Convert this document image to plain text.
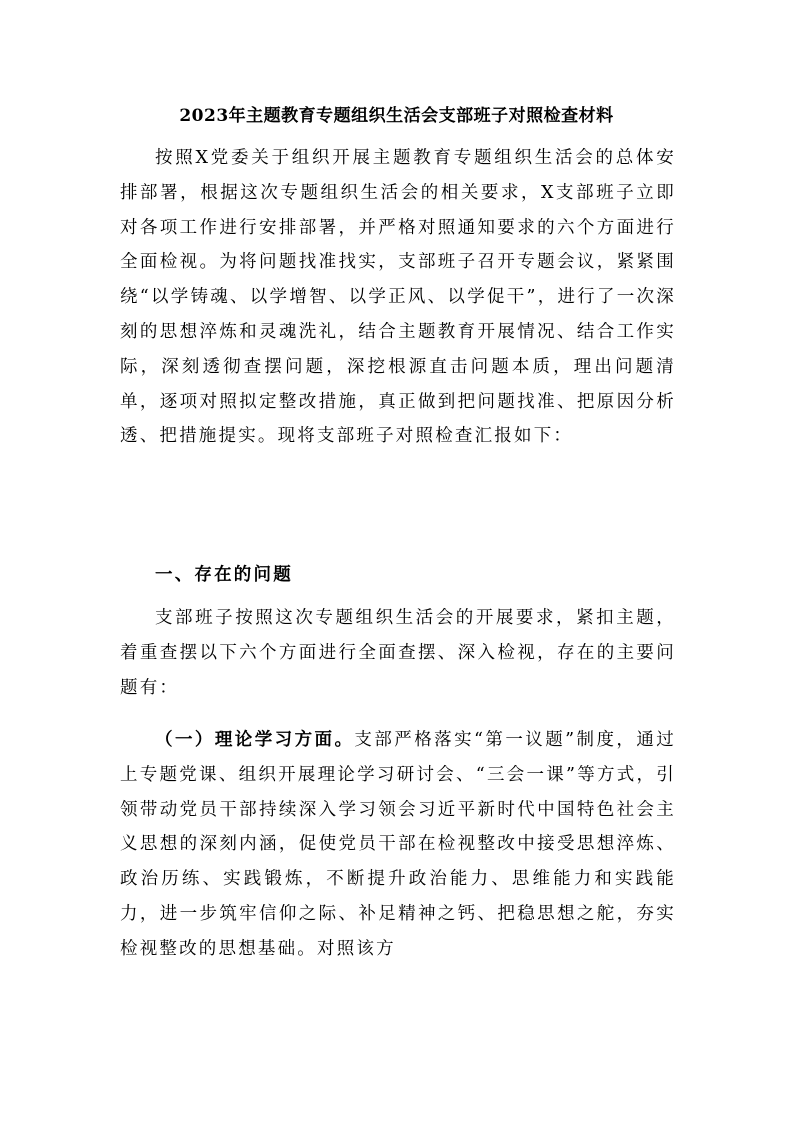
2023年主题教育专题组织生活会支部班子对照检查材料

按照X党委关于组织开展主题教育专题组织生活会的总体安排部署，根据这次专题组织生活会的相关要求，X支部班子立即对各项工作进行安排部署，并严格对照通知要求的六个方面进行全面检视。为将问题找准找实，支部班子召开专题会议，紧紧围绕“以学铸魂、以学增智、以学正风、以学促干”，进行了一次深刻的思想淬炼和灵魂洗礼，结合主题教育开展情况、结合工作实际，深刻透彻查摆问题，深挖根源直击问题本质，理出问题清单，逐项对照拟定整改措施，真正做到把问题找准、把原因分析透、把措施提实。现将支部班子对照检查汇报如下：

一、存在的问题

支部班子按照这次专题组织生活会的开展要求，紧扣主题，着重查摆以下六个方面进行全面查摆、深入检视，存在的主要问题有：

（一）理论学习方面。支部严格落实“第一议题”制度，通过上专题党课、组织开展理论学习研讨会、“三会一课”等方式，引领带动党员干部持续深入学习领会习近平新时代中国特色社会主义思想的深刻内涵，促使党员干部在检视整改中接受思想淬炼、政治历练、实践锻炼，不断提升政治能力、思维能力和实践能力，进一步筑牢信仰之际、补足精神之钙、把稳思想之舵，夯实检视整改的思想基础。对照该方
